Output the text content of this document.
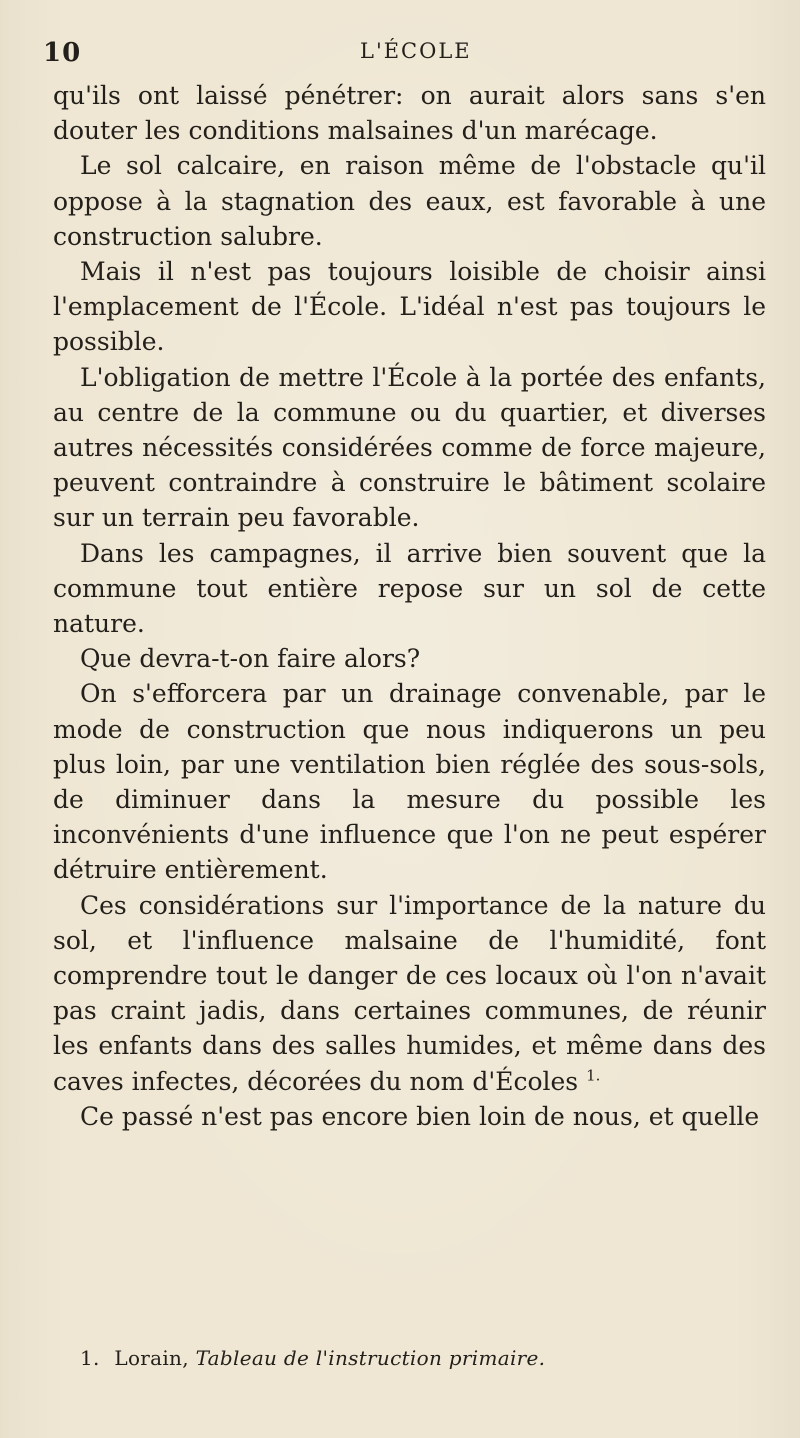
10	L'ÉCOLE

qu'ils ont laissé pénétrer: on aurait alors sans s'en douter les conditions malsaines d'un marécage.

Le sol calcaire, en raison même de l'obstacle qu'il oppose à la stagnation des eaux, est favorable à une construction salubre.

Mais il n'est pas toujours loisible de choisir ainsi l'emplacement de l'École. L'idéal n'est pas toujours le possible.

L'obligation de mettre l'École à la portée des enfants, au centre de la commune ou du quartier, et diverses autres nécessités considérées comme de force majeure, peuvent contraindre à construire le bâtiment scolaire sur un terrain peu favorable.

Dans les campagnes, il arrive bien souvent que la commune tout entière repose sur un sol de cette nature.

Que devra-t-on faire alors?

On s'efforcera par un drainage convenable, par le mode de construction que nous indiquerons un peu plus loin, par une ventilation bien réglée des sous-sols, de diminuer dans la mesure du possible les inconvénients d'une influence que l'on ne peut espérer détruire entièrement.

Ces considérations sur l'importance de la nature du sol, et l'influence malsaine de l'humidité, font comprendre tout le danger de ces locaux où l'on n'avait pas craint jadis, dans certaines communes, de réunir les enfants dans des salles humides, et même dans des caves infectes, décorées du nom d'Écoles $^{1.}$

Ce passé n'est pas encore bien loin de nous, et quelle

1. Lorain, Tableau de l'instruction primaire.
